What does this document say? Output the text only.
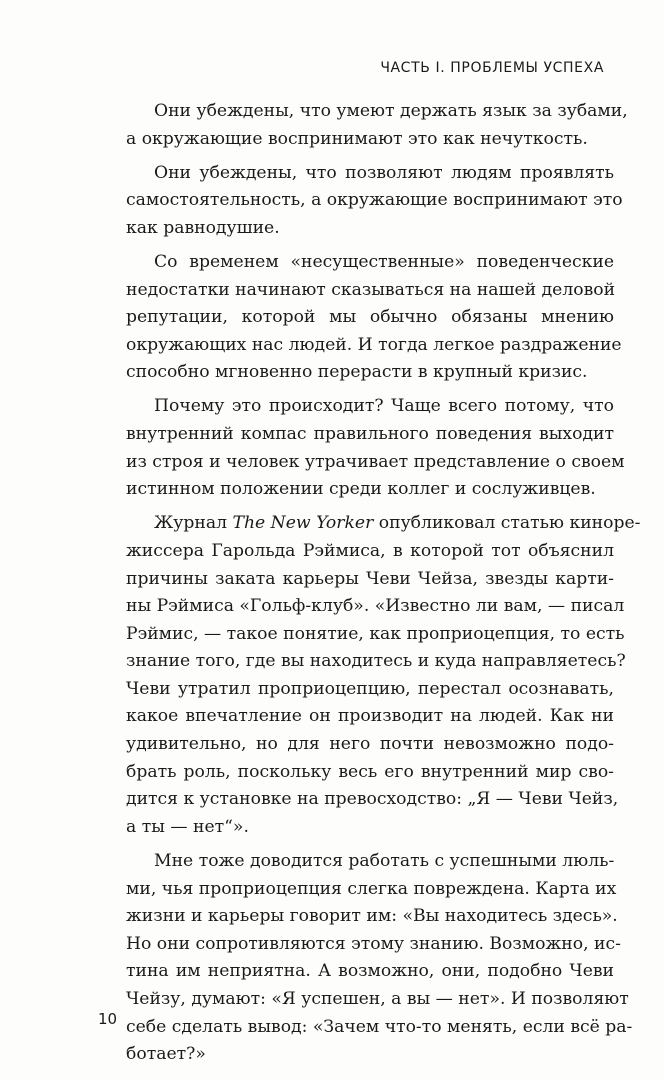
ЧАСТЬ I. ПРОБЛЕМЫ УСПЕХА

Они убеждены, что умеют держать язык за зубами,
а окружающие воспринимают это как нечуткость.

Они убеждены, что позволяют людям проявлять
самостоятельность, а окружающие воспринимают это
как равнодушие.

Со временем «несущественные» поведенческие
недостатки начинают сказываться на нашей деловой
репутации, которой мы обычно обязаны мнению
окружающих нас людей. И тогда легкое раздражение
способно мгновенно перерасти в крупный кризис.

Почему это происходит? Чаще всего потому, что
внутренний компас правильного поведения выходит
из строя и человек утрачивает представление о своем
истинном положении среди коллег и сослуживцев.

Журнал The New Yorker опубликовал статью киноре-
жиссера Гарольда Рэймиса, в которой тот объяснил
причины заката карьеры Чеви Чейза, звезды карти-
ны Рэймиса «Гольф-клуб». «Известно ли вам, — писал
Рэймис, — такое понятие, как проприоцепция, то есть
знание того, где вы находитесь и куда направляетесь?
Чеви утратил проприоцепцию, перестал осознавать,
какое впечатление он производит на людей. Как ни
удивительно, но для него почти невозможно подо-
брать роль, поскольку весь его внутренний мир сво-
дится к установке на превосходство: „Я — Чеви Чейз,
а ты — нет“».

Мне тоже доводится работать с успешными люль-
ми, чья проприоцепция слегка повреждена. Карта их
жизни и карьеры говорит им: «Вы находитесь здесь».
Но они сопротивляются этому знанию. Возможно, ис-
тина им неприятна. А возможно, они, подобно Чеви
Чейзу, думают: «Я успешен, а вы — нет». И позволяют
себе сделать вывод: «Зачем что-то менять, если всё ра-
ботает?»

10
